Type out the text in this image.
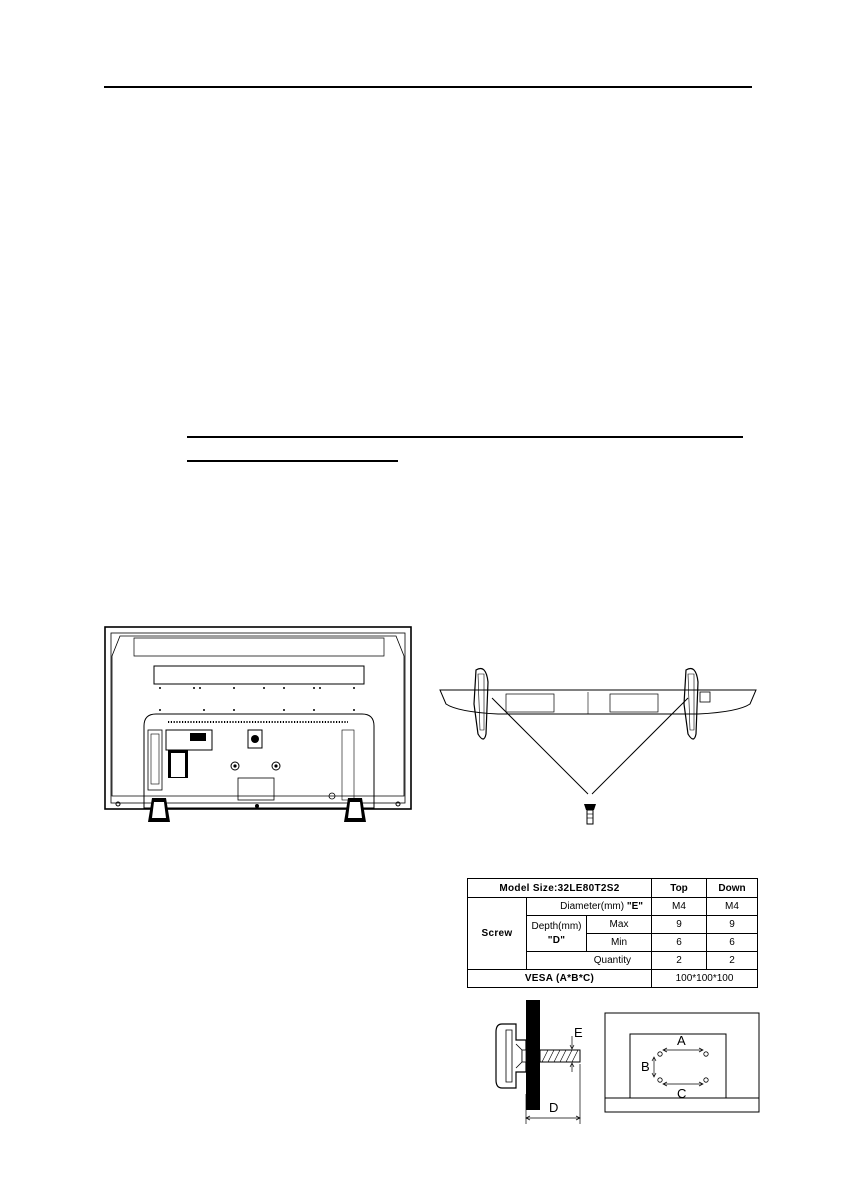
Model Size:32LE80T2S2			Top	Down
Screw	Diameter(mm) "E"		M4	M4

	Depth(mm)
"D"	Max	9	9
		Min	6	6
	Quantity		2	2
VESA (A*B*C)			100*100*100	
E
D
A
B
C
